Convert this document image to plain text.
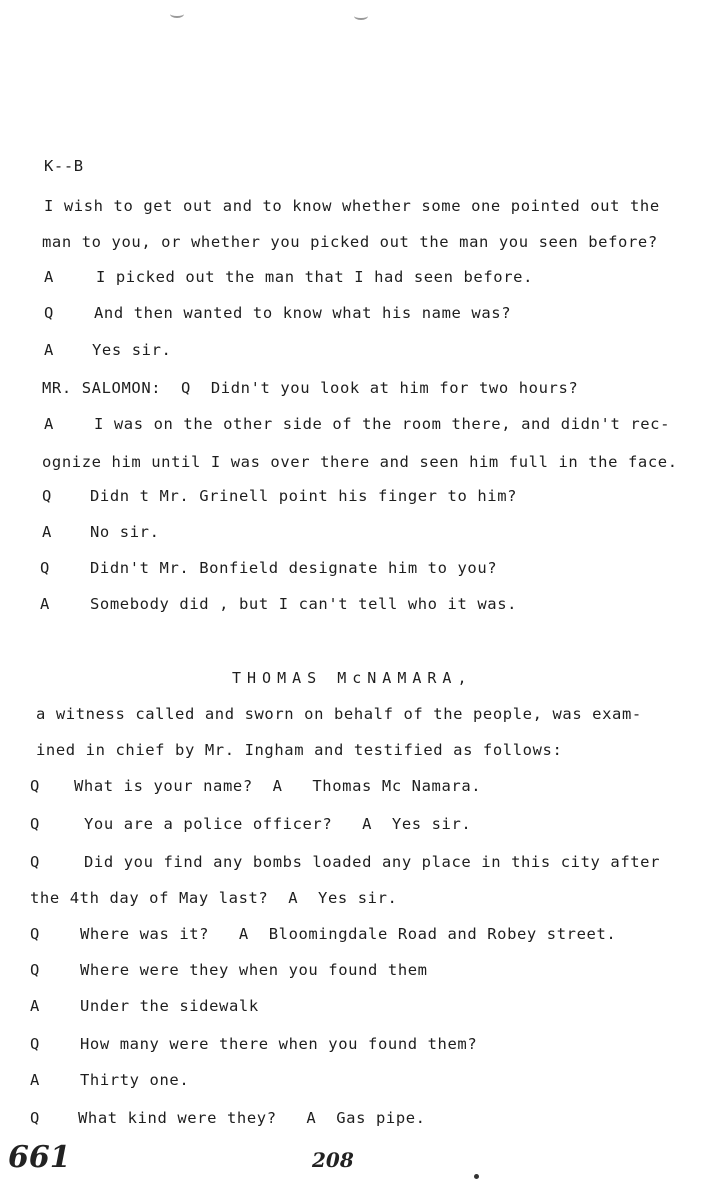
K--B
I wish to get out and to know whether some one pointed out the
man to you, or whether you picked out the man you seen before?
A	I picked out the man that I had seen before.
Q	And then wanted to know what his name was?
A Yes sir.
MR. SALOMON:  Q  Didn't you look at him for two hours?
A	I was on the other side of the room there, and didn't rec-
ognize him until I was over there and seen him full in the face.
Q Didn t Mr. Grinell point his finger to him?
A No sir.
Q	Didn't Mr. Bonfield designate him to you?
A	Somebody did , but I can't tell who it was.
THOMAS McNAMARA,
a witness called and sworn on behalf of the people, was exam-
ined in chief by Mr. Ingham and testified as follows:
Q What is your name?  A   Thomas Mc Namara.
Q	You are a police officer?   A  Yes sir.
Q	Did you find any bombs loaded any place in this city after
the 4th day of May last?  A  Yes sir.
Q	Where was it?   A  Bloomingdale Road and Robey street.
Q	Where were they when you found them
A	Under the sidewalk
Q	How many were there when you found them?
A	Thirty one.
Q What kind were they?   A  Gas pipe.
661	208
